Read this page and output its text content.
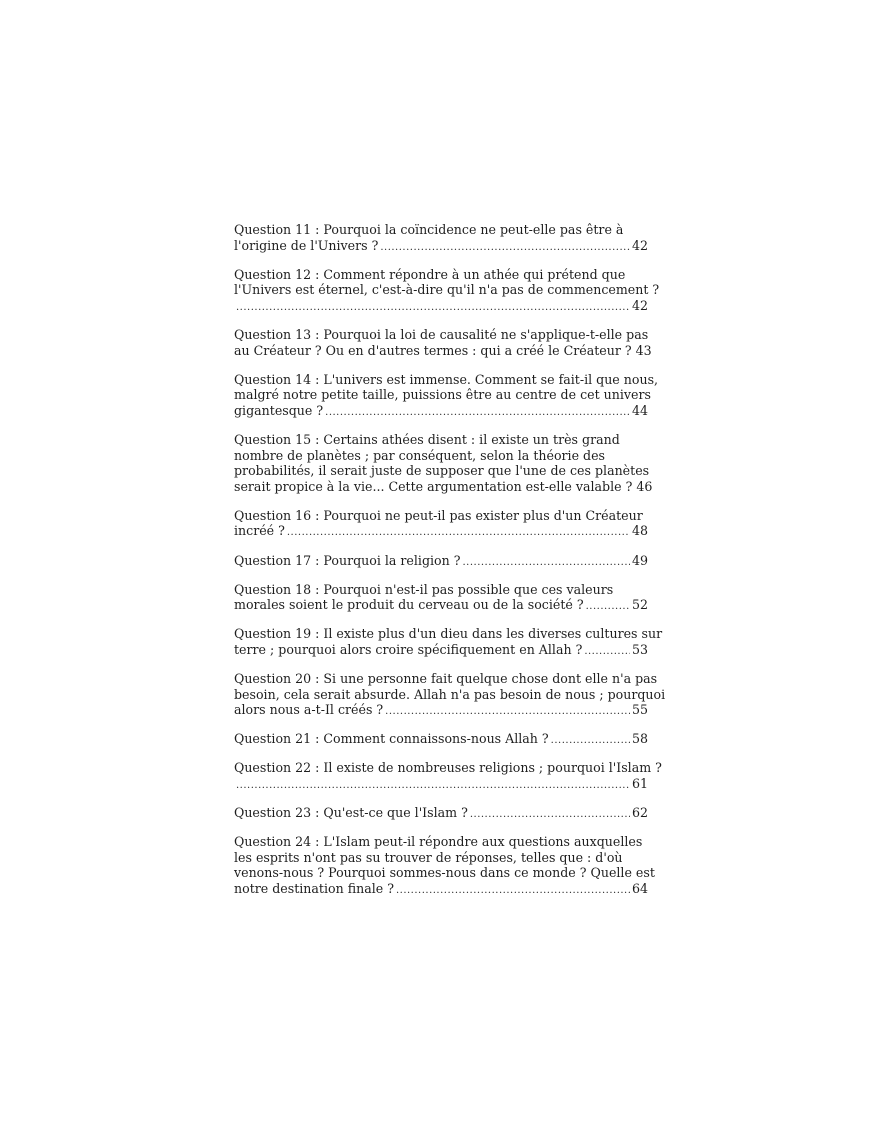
Question 11 : Pourquoi la coïncidence ne peut-elle pas être à
l'origine de l'Univers ? .....	42
Question 12 : Comment répondre à un athée qui prétend que
l'Univers est éternel, c'est-à-dire qu'il n'a pas de commencement ?
.....
42
Question 13 : Pourquoi la loi de causalité ne s'applique-t-elle pas
au Créateur ? Ou en d'autres termes : qui a créé le Créateur ? 43
Question 14 : L'univers est immense. Comment se fait-il que nous,
malgré notre petite taille, puissions être au centre de cet univers
gigantesque ? .....	44
Question 15 : Certains athées disent : il existe un très grand
nombre de planètes ; par conséquent, selon la théorie des
probabilités, il serait juste de supposer que l'une de ces planètes
serait propice à la vie... Cette argumentation est-elle valable ? 46
Question 16 : Pourquoi ne peut-il pas exister plus d'un Créateur
incréé ? .....	48
Question 17 : Pourquoi la religion ? .....	49
Question 18 : Pourquoi n'est-il pas possible que ces valeurs
morales soient le produit du cerveau ou de la société ? .....	52
Question 19 : Il existe plus d'un dieu dans les diverses cultures sur
terre ; pourquoi alors croire spécifiquement en Allah ? .....	53
Question 20 : Si une personne fait quelque chose dont elle n'a pas
besoin, cela serait absurde. Allah n'a pas besoin de nous ; pourquoi
alors nous a-t-Il créés ? .....	55
Question 21 : Comment connaissons-nous Allah ? .....	58
Question 22 : Il existe de nombreuses religions ; pourquoi l'Islam ?
.....
61
Question 23 : Qu'est-ce que l'Islam ? .....	62
Question 24 : L'Islam peut-il répondre aux questions auxquelles
les esprits n'ont pas su trouver de réponses, telles que : d'où
venons-nous ? Pourquoi sommes-nous dans ce monde ? Quelle est
notre destination finale ? .....	64
